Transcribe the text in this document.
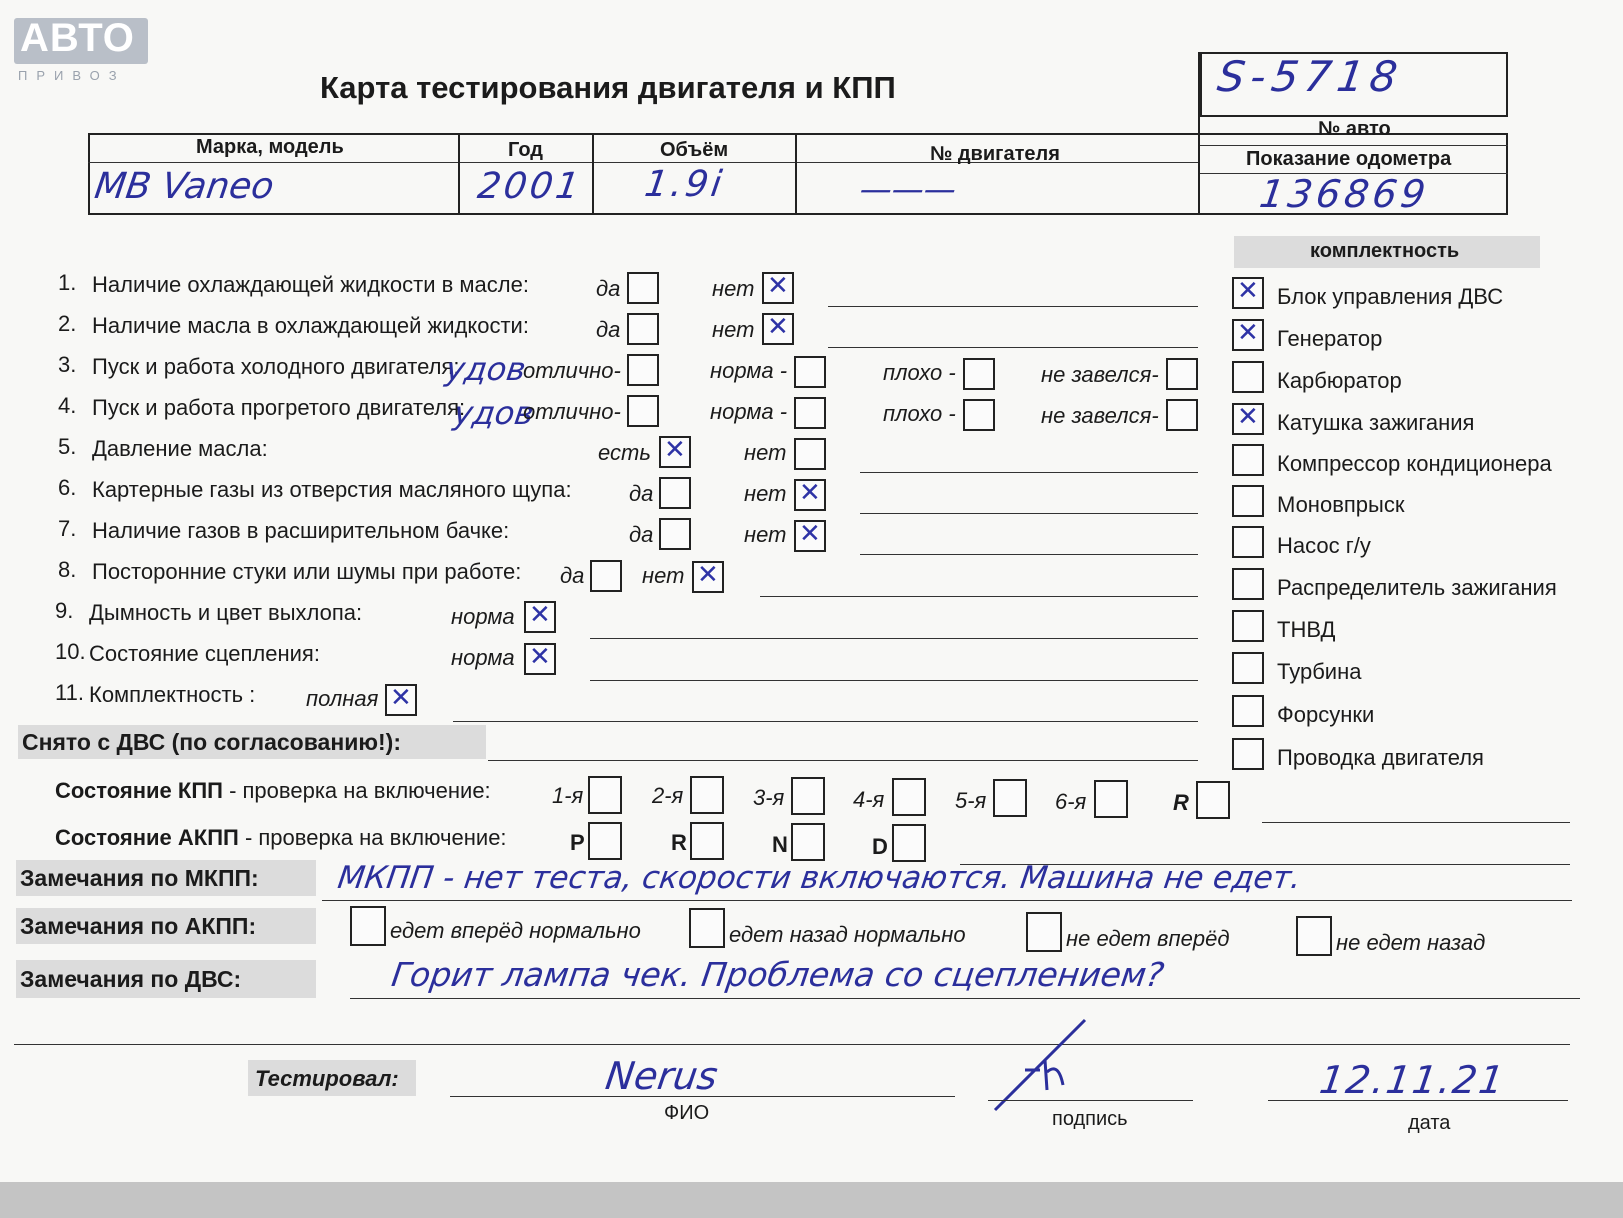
АВТО
ПРИВОЗ	Карта тестирования двигателя и КПП	S-5718
Марка, модель	Год	Объём	№ двигателя
№ авто
Показание одометра
MB Vaneo	2001 1.9i	———	136869
1. Наличие охлаждающей жидкости в масле:	да	нет
✕
2. Наличие масла в охлаждающей жидкости:	да	нет
✕
3. Пуск и работа холодного двигателя:
удов
отлично-	норма -	плохо -	не завелся-
4. Пуск и работа прогретого двигателя:
удов
отлично-	норма -	плохо -	не завелся-
5. Давление масла:	есть
✕	нет
6. Картерные газы из отверстия масляного щупа:	да	нет
✕
7. Наличие газов в расширительном бачке:	да	нет
✕
8. Посторонние стуки или шумы при работе: да	нет
✕
9. Дымность и цвет выхлопа:	норма
✕
10. Состояние сцепления:	норма
✕
11. Комплектность : полная
✕
комплектность
✕
Блок управления ДВС
✕
Генератор
Карбюратор
✕
Катушка зажигания
Компрессор кондиционера
Моновпрыск
Насос г/у
Распределитель зажигания
ТНВД
Турбина
Форсунки
Проводка двигателя
Снято с ДВС (по согласованию!):
Состояние КПП - проверка на включение:	1-я	2-я	3-я	4-я	5-я	6-я	R
Состояние АКПП - проверка на включение:	P	R	N	D
Замечания по МКПП: МКПП - нет теста, скорости включаются. Машина не едет.
Замечания по АКПП:	едет вперёд нормально	едет назад нормально	не едет вперёд	не едет назад
Замечания по ДВС:	Горит лампа чек. Проблема со сцеплением?
Тестировал:	Nerus
ФИО	подпись
12.11.21
дата
